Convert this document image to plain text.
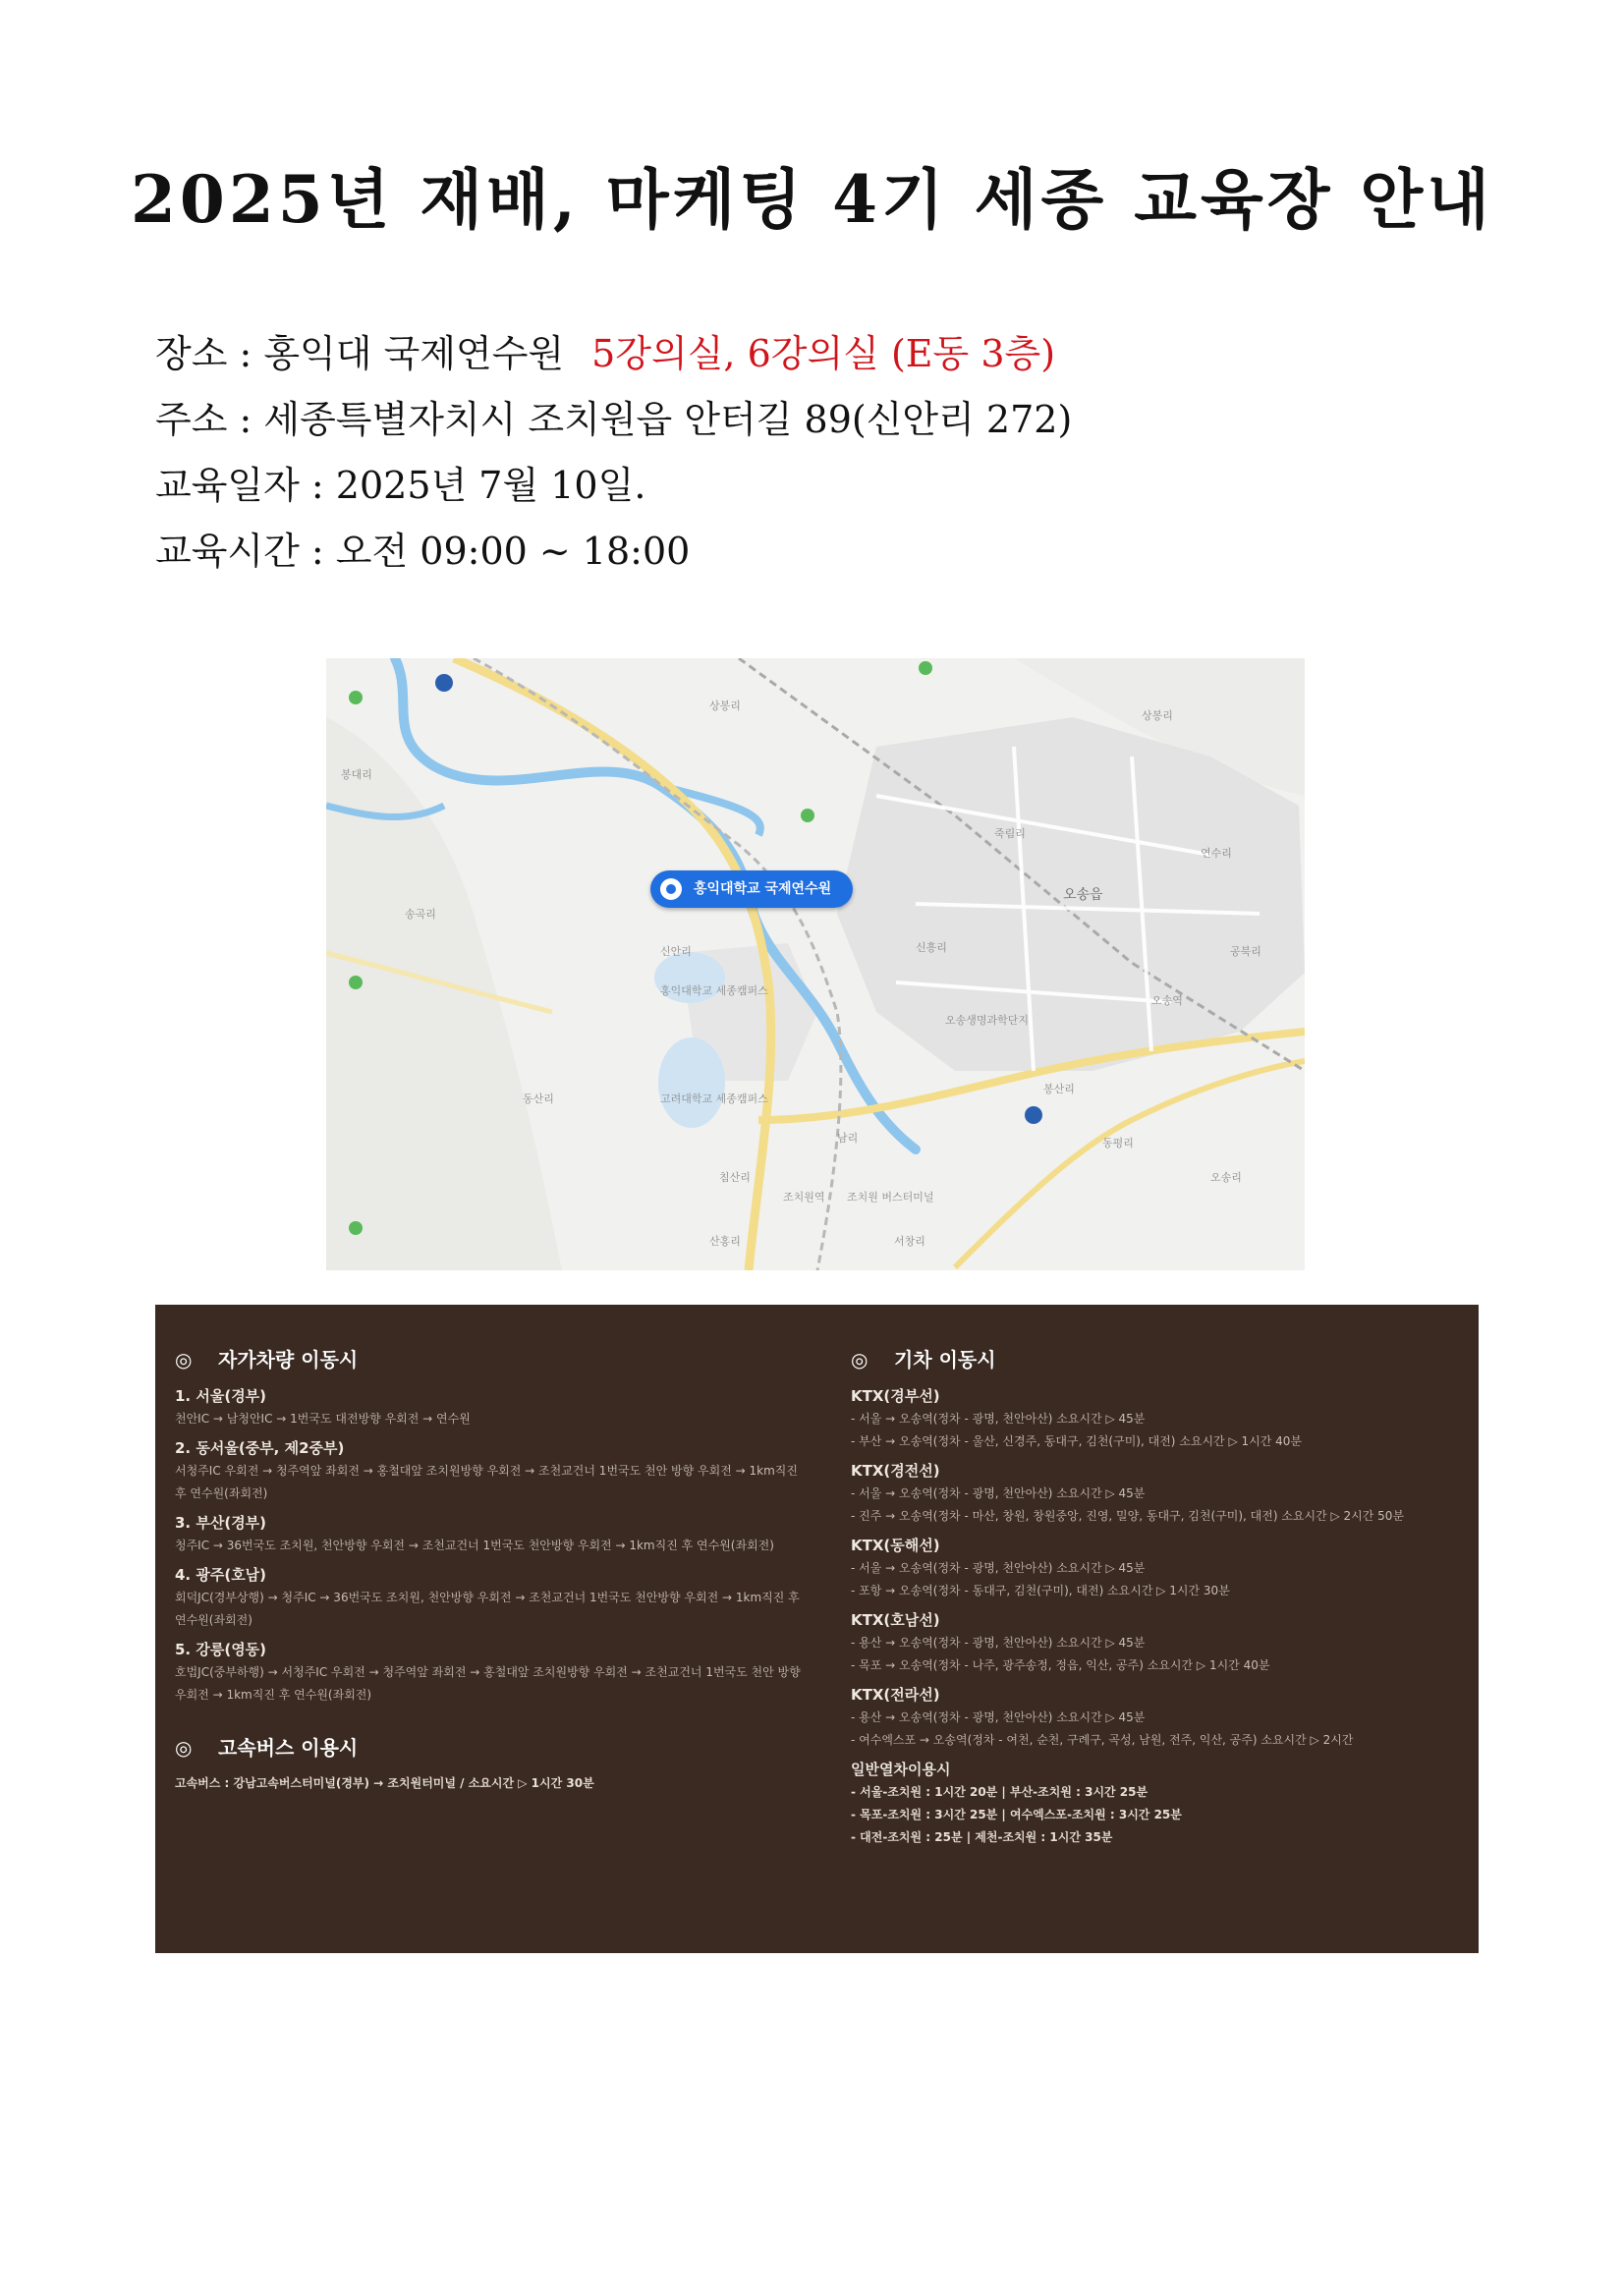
2025년 재배, 마케팅 4기 세종 교육장 안내
장소 : 홍익대 국제연수원 5강의실, 6강의실 (E동 3층)
주소 : 세종특별자치시 조치원읍 안터길 89(신안리 272)
교육일자 : 2025년 7월 10일.
교육시간 : 오전 09:00 ~ 18:00
상봉리
상봉리
봉대리
송곡리
신안리
동산리
침산리
산홍리	서창리
신흥리
남리
죽림리
오송읍
연수리
봉산리
동평리
오송리
공북리
홍익대학교 세종캠퍼스
고려대학교 세종캠퍼스
조치원역 조치원 버스터미널
오송역
오송생명과학단지
홍익대학교 국제연수원
◎ 자가차량 이동시
1. 서울(경부)
천안IC → 남청안IC → 1번국도 대전방향 우회전 → 연수원
2. 동서울(중부, 제2중부)
서청주IC 우회전 → 청주역앞 좌회전 → 홍철대앞 조치원방향 우회전 → 조천교건너 1번국도 천안 방향 우회전 → 1km직진 후 연수원(좌회전)
3. 부산(경부)
청주IC → 36번국도 조치원, 천안방향 우회전 → 조천교건너 1번국도 천안방향 우회전 → 1km직진 후 연수원(좌회전)
4. 광주(호남)
회덕JC(경부상행) → 청주IC → 36번국도 조치원, 천안방향 우회전 → 조천교건너 1번국도 천안방향 우회전 → 1km직진 후 연수원(좌회전)
5. 강릉(영동)
호법JC(중부하행) → 서청주IC 우회전 → 청주역앞 좌회전 → 홍철대앞 조치원방향 우회전 → 조천교건너 1번국도 천안 방향 우회전 → 1km직진 후 연수원(좌회전)
◎ 고속버스 이용시
고속버스 : 강남고속버스터미널(경부) → 조치원터미널 / 소요시간 ▷ 1시간 30분
◎ 기차 이동시
KTX(경부선)
- 서울 → 오송역(정차 - 광명, 천안아산) 소요시간 ▷ 45분
- 부산 → 오송역(정차 - 울산, 신경주, 동대구, 김천(구미), 대전) 소요시간 ▷ 1시간 40분
KTX(경전선)
- 서울 → 오송역(정차 - 광명, 천안아산) 소요시간 ▷ 45분
- 진주 → 오송역(정차 - 마산, 창원, 창원중앙, 진영, 밀양, 동대구, 김천(구미), 대전) 소요시간 ▷ 2시간 50분
KTX(동해선)
- 서울 → 오송역(정차 - 광명, 천안아산) 소요시간 ▷ 45분
- 포항 → 오송역(정차 - 동대구, 김천(구미), 대전) 소요시간 ▷ 1시간 30분
KTX(호남선)
- 용산 → 오송역(정차 - 광명, 천안아산) 소요시간 ▷ 45분
- 목포 → 오송역(정차 - 나주, 광주송정, 정읍, 익산, 공주) 소요시간 ▷ 1시간 40분
KTX(전라선)
- 용산 → 오송역(정차 - 광명, 천안아산) 소요시간 ▷ 45분
- 여수엑스포 → 오송역(정차 - 여천, 순천, 구례구, 곡성, 남원, 전주, 익산, 공주) 소요시간 ▷ 2시간
일반열차이용시
- 서울-조치원 : 1시간 20분 | 부산-조치원 : 3시간 25분
- 목포-조치원 : 3시간 25분 | 여수엑스포-조치원 : 3시간 25분
- 대전-조치원 : 25분 | 제천-조치원 : 1시간 35분
